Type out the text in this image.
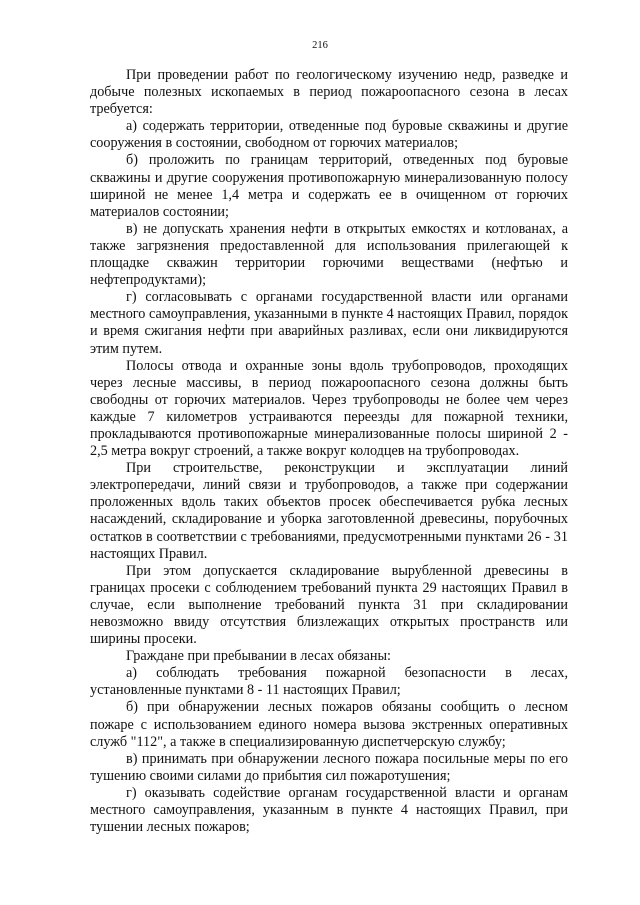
216

При проведении работ по геологическому изучению недр, разведке и добыче полезных ископаемых в период пожароопасного сезона в лесах требуется:

а) содержать территории, отведенные под буровые скважины и другие сооружения в состоянии, свободном от горючих материалов;

б) проложить по границам территорий, отведенных под буровые скважины и другие сооружения противопожарную минерализованную полосу шириной не менее 1,4 метра и содержать ее в очищенном от горючих материалов состоянии;

в) не допускать хранения нефти в открытых емкостях и котлованах, а также загрязнения предоставленной для использования прилегающей к площадке скважин территории горючими веществами (нефтью и нефтепродуктами);

г) согласовывать с органами государственной власти или органами местного самоуправления, указанными в пункте 4 настоящих Правил, порядок и время сжигания нефти при аварийных разливах, если они ликвидируются этим путем.

Полосы отвода и охранные зоны вдоль трубопроводов, проходящих через лесные массивы, в период пожароопасного сезона должны быть свободны от горючих материалов. Через трубопроводы не более чем через каждые 7 километров устраиваются переезды для пожарной техники, прокладываются противопожарные минерализованные полосы шириной 2 - 2,5 метра вокруг строений, а также вокруг колодцев на трубопроводах.

При строительстве, реконструкции и эксплуатации линий электропередачи, линий связи и трубопроводов, а также при содержании проложенных вдоль таких объектов просек обеспечивается рубка лесных насаждений, складирование и уборка заготовленной древесины, порубочных остатков в соответствии с требованиями, предусмотренными пунктами 26 - 31 настоящих Правил.

При этом допускается складирование вырубленной древесины в границах просеки с соблюдением требований пункта 29 настоящих Правил в случае, если выполнение требований пункта 31 при складировании невозможно ввиду отсутствия близлежащих открытых пространств или ширины просеки.

Граждане при пребывании в лесах обязаны:

а) соблюдать требования пожарной безопасности в лесах, установленные пунктами 8 - 11 настоящих Правил;

б) при обнаружении лесных пожаров обязаны сообщить о лесном пожаре с использованием единого номера вызова экстренных оперативных служб "112", а также в специализированную диспетчерскую службу;

в) принимать при обнаружении лесного пожара посильные меры по его тушению своими силами до прибытия сил пожаротушения;

г) оказывать содействие органам государственной власти и органам местного самоуправления, указанным в пункте 4 настоящих Правил, при тушении лесных пожаров;
